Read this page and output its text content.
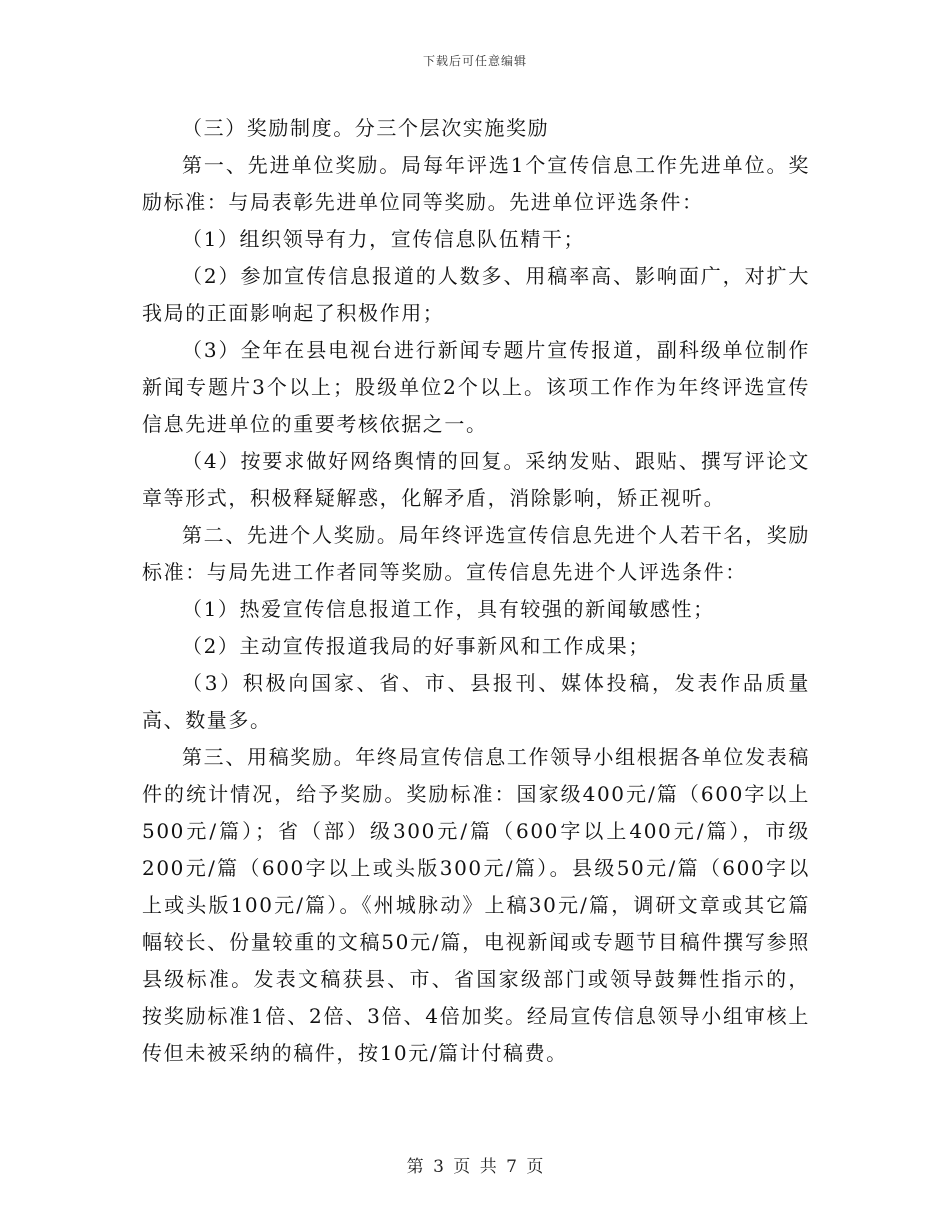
下载后可任意编辑

（三）奖励制度。分三个层次实施奖励

第一、先进单位奖励。局每年评选1个宣传信息工作先进单位。奖励标准：与局表彰先进单位同等奖励。先进单位评选条件：

（1）组织领导有力，宣传信息队伍精干；

（2）参加宣传信息报道的人数多、用稿率高、影响面广，对扩大我局的正面影响起了积极作用；

（3）全年在县电视台进行新闻专题片宣传报道，副科级单位制作新闻专题片3个以上；股级单位2个以上。该项工作作为年终评选宣传信息先进单位的重要考核依据之一。

（4）按要求做好网络舆情的回复。采纳发贴、跟贴、撰写评论文章等形式，积极释疑解惑，化解矛盾，消除影响，矫正视听。

第二、先进个人奖励。局年终评选宣传信息先进个人若干名，奖励标准：与局先进工作者同等奖励。宣传信息先进个人评选条件：

（1）热爱宣传信息报道工作，具有较强的新闻敏感性；

（2）主动宣传报道我局的好事新风和工作成果；

（3）积极向国家、省、市、县报刊、媒体投稿，发表作品质量高、数量多。

第三、用稿奖励。年终局宣传信息工作领导小组根据各单位发表稿件的统计情况，给予奖励。奖励标准：国家级400元/篇（600字以上500元/篇）；省（部）级300元/篇（600字以上400元/篇），市级200元/篇（600字以上或头版300元/篇）。县级50元/篇（600字以上或头版100元/篇）。《州城脉动》上稿30元/篇，调研文章或其它篇幅较长、份量较重的文稿50元/篇，电视新闻或专题节目稿件撰写参照县级标准。发表文稿获县、市、省国家级部门或领导鼓舞性指示的，按奖励标准1倍、2倍、3倍、4倍加奖。经局宣传信息领导小组审核上传但未被采纳的稿件，按10元/篇计付稿费。

第 3 页 共 7 页
